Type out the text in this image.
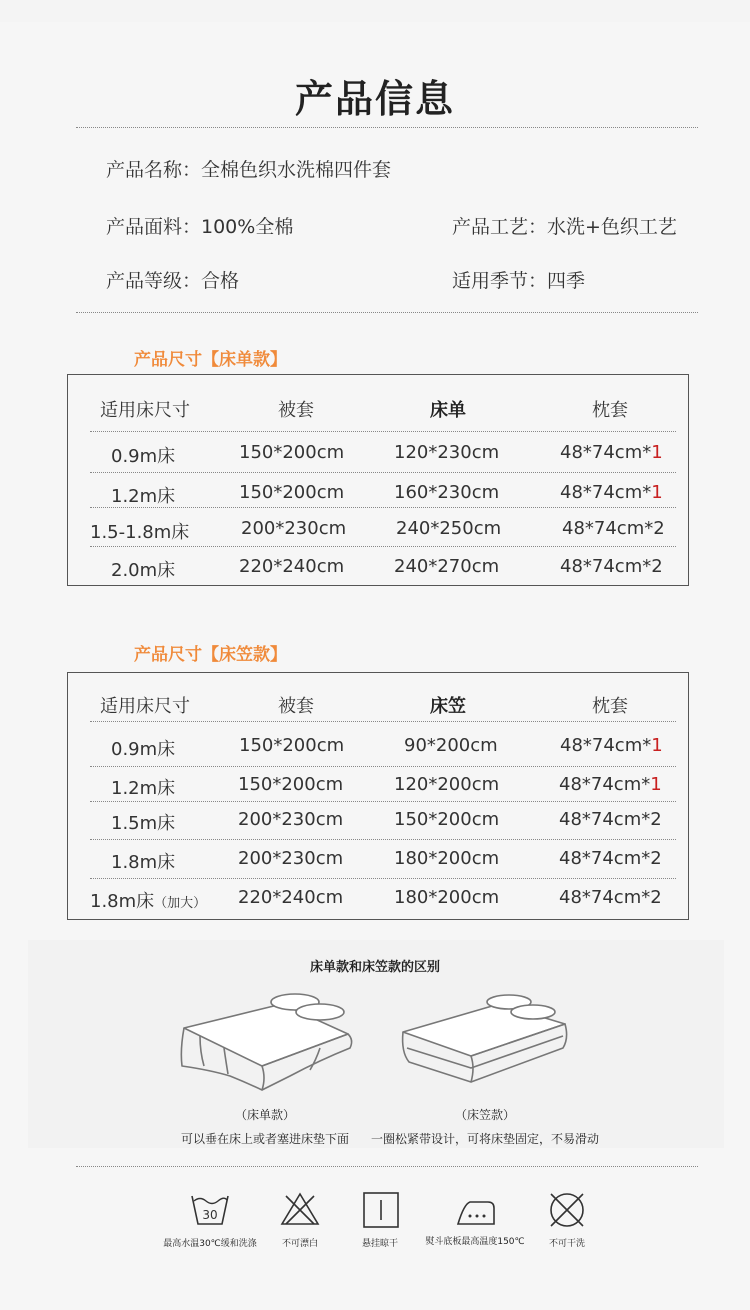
产品信息
产品名称：全棉色织水洗棉四件套
产品面料：100%全棉	产品工艺：水洗+色织工艺
产品等级：合格	适用季节：四季
产品尺寸【床单款】
适用床尺寸	被套	床单	枕套
0.9m床	150*200cm	120*230cm	48*74cm*1
1.2m床	150*200cm	160*230cm	48*74cm*1
1.5-1.8m床	200*230cm	240*250cm	48*74cm*2
2.0m床	220*240cm	240*270cm	48*74cm*2
产品尺寸【床笠款】
适用床尺寸	被套	床笠	枕套
0.9m床	150*200cm	90*200cm	48*74cm*1
1.2m床	150*200cm	120*200cm	48*74cm*1
1.5m床	200*230cm	150*200cm	48*74cm*2
1.8m床	200*230cm	180*200cm	48*74cm*2
1.8m床（加大） 220*240cm	180*200cm	48*74cm*2
床单款和床笠款的区别
（床单款）
可以垂在床上或者塞进床垫下面
（床笠款）
一圈松紧带设计，可将床垫固定，不易滑动
30
最高水温30℃缓和洗涤	不可漂白	悬挂晾干	熨斗底板最高温度150℃	不可干洗
